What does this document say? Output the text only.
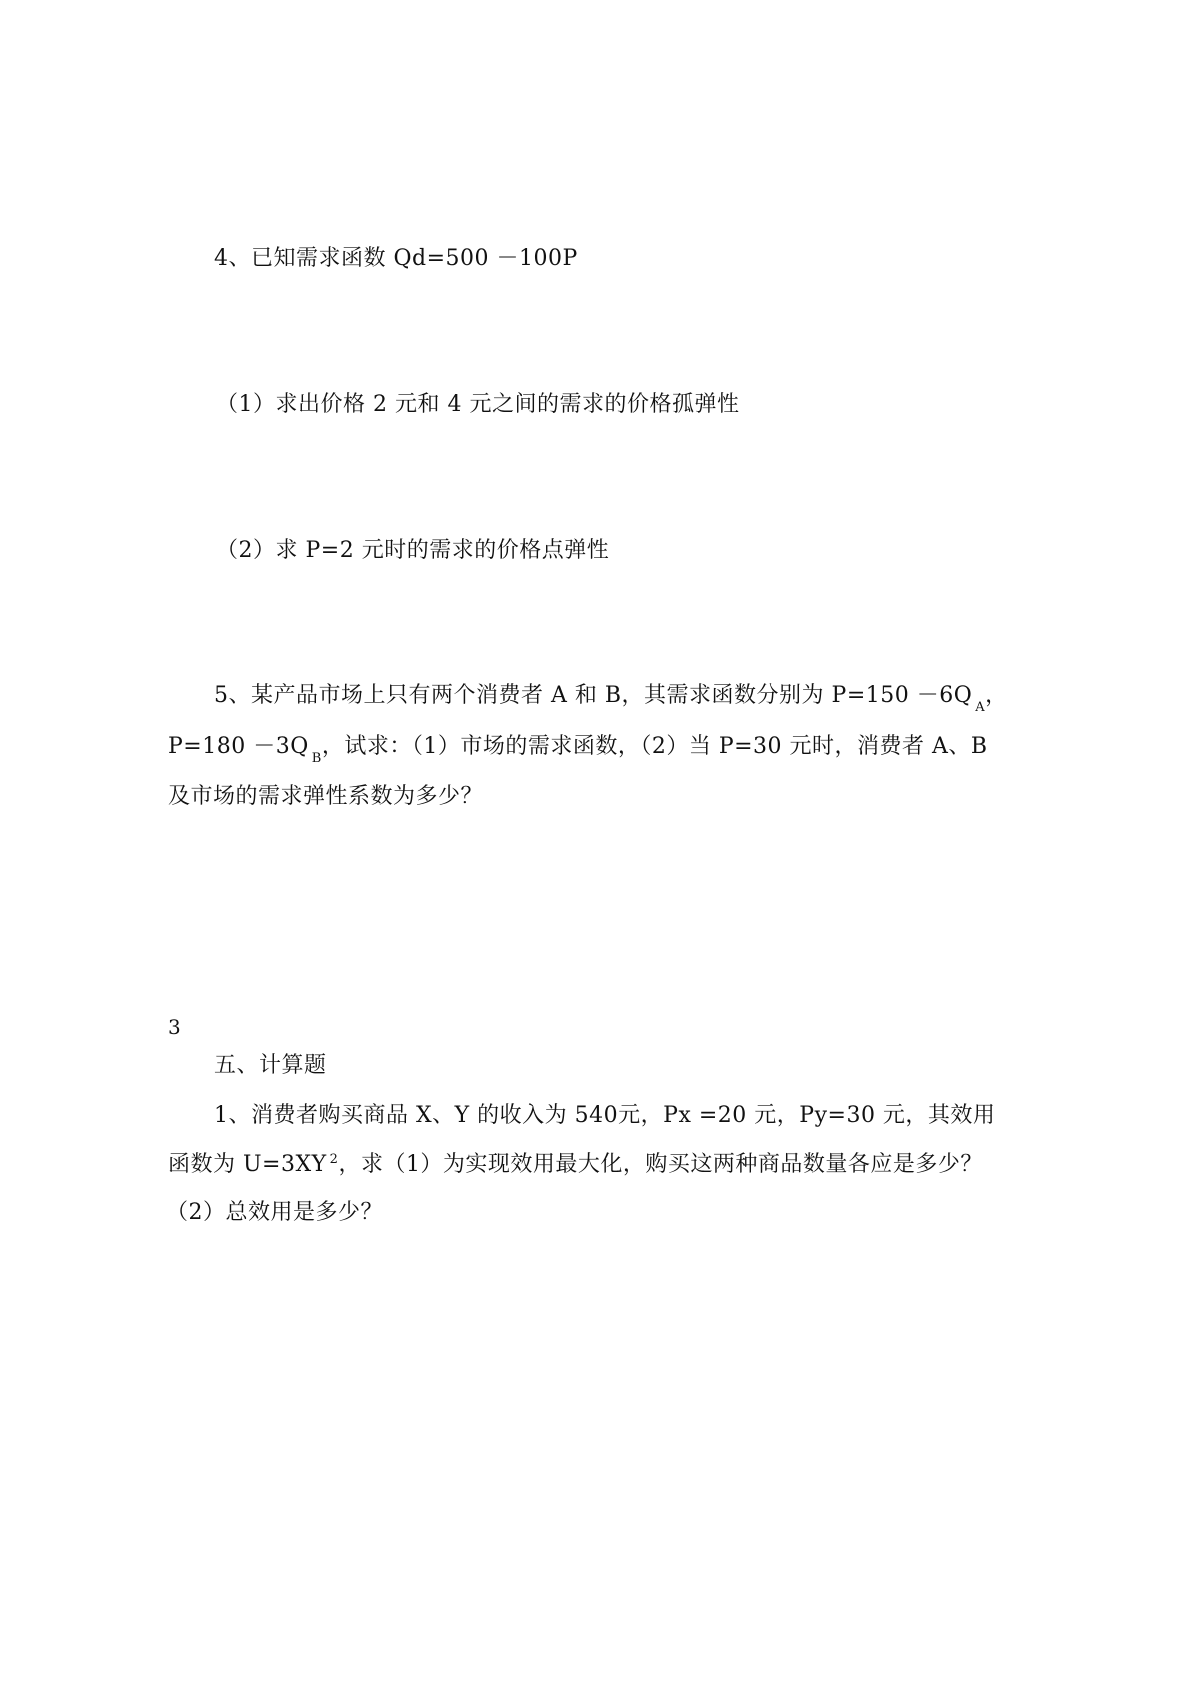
4、已知需求函数 Qd=500 －100P
（1）求出价格 2 元和 4 元之间的需求的价格孤弹性
（2）求 P=2 元时的需求的价格点弹性
5、某产品市场上只有两个消费者 A 和 B，其需求函数分别为 P=150 －6Q $_A$，
P=180 －3Q $_B$，试求：（1）市场的需求函数，（2）当 P=30 元时，消费者 A、B
及市场的需求弹性系数为多少？
3
五、计算题
1、消费者购买商品 X、Y 的收入为 540元，Px =20 元，Py=30 元，其效用
函数为 U=3XY $^2$，求（1）为实现效用最大化，购买这两种商品数量各应是多少？
（2）总效用是多少？
